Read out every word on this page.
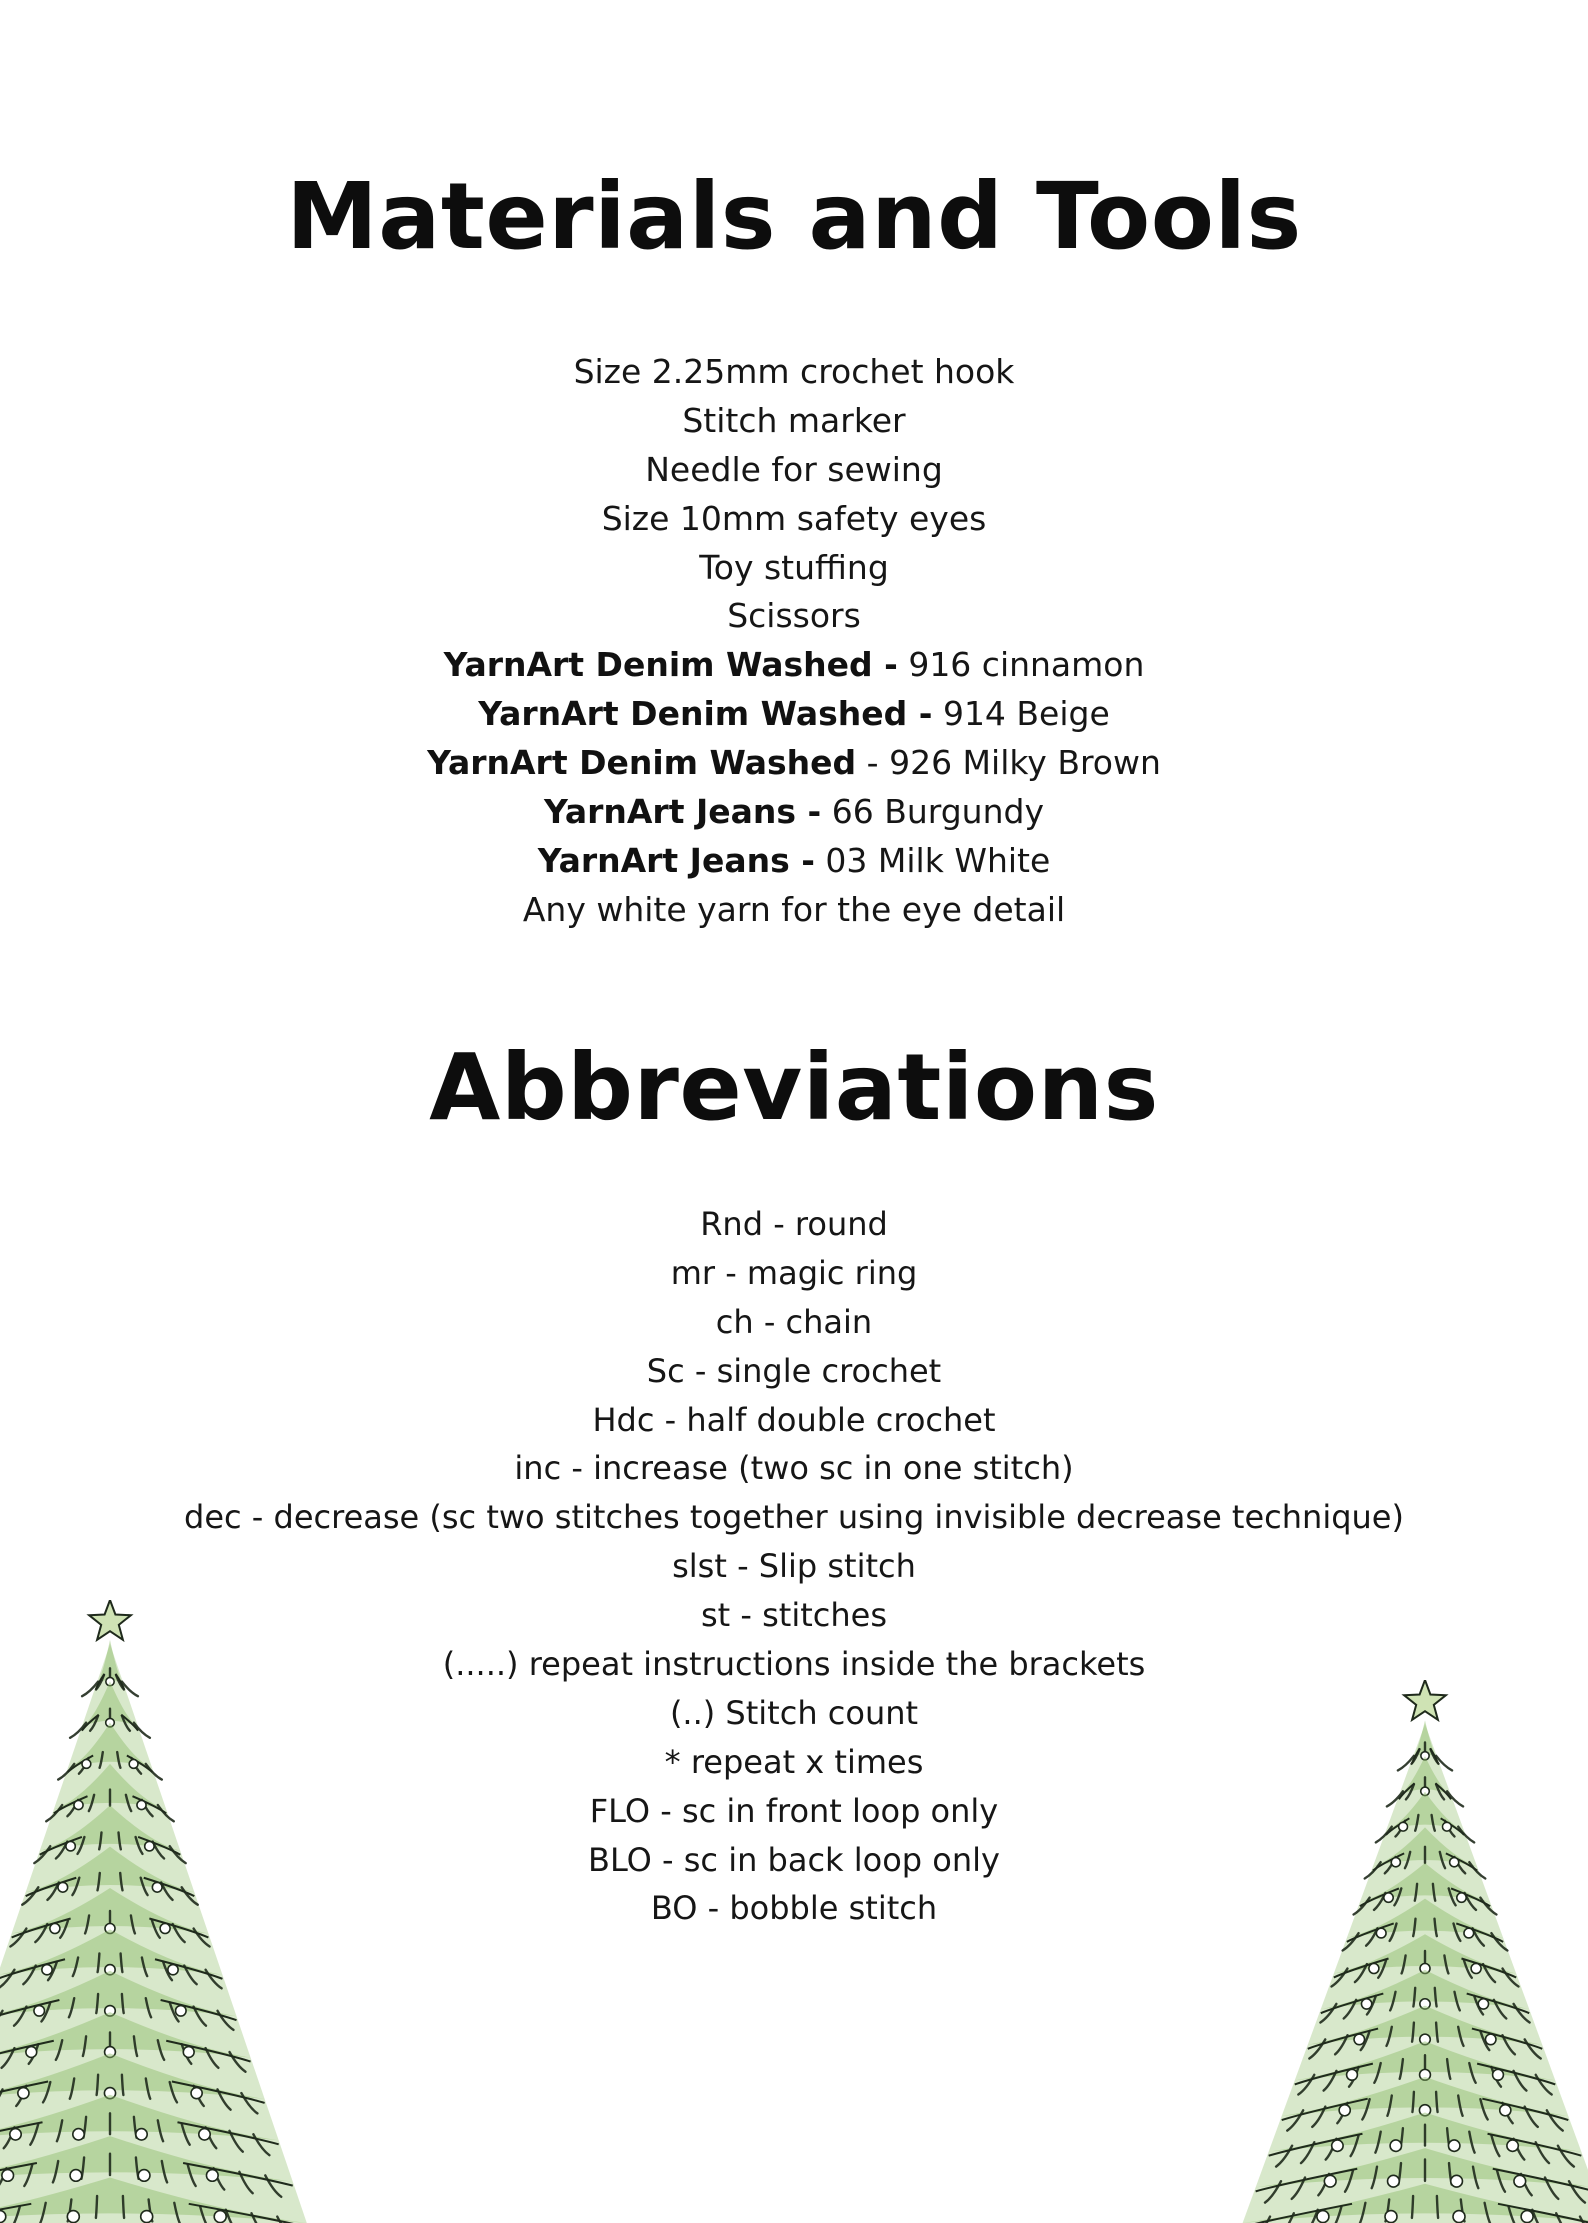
Materials and Tools
Size 2.25mm crochet hook
Stitch marker
Needle for sewing
Size 10mm safety eyes
Toy stuffing
Scissors
YarnArt Denim Washed - 916 cinnamon
YarnArt Denim Washed - 914 Beige
YarnArt Denim Washed - 926 Milky Brown
YarnArt Jeans - 66 Burgundy
YarnArt Jeans - 03 Milk White
Any white yarn for the eye detail
Abbreviations
Rnd - round
mr - magic ring
ch - chain
Sc - single crochet
Hdc - half double crochet
inc - increase (two sc in one stitch)
dec - decrease (sc two stitches together using invisible decrease technique)
slst - Slip stitch
st - stitches
(.....) repeat instructions inside the brackets
(..) Stitch count
* repeat x times
FLO - sc in front loop only
BLO - sc in back loop only
BO - bobble stitch
